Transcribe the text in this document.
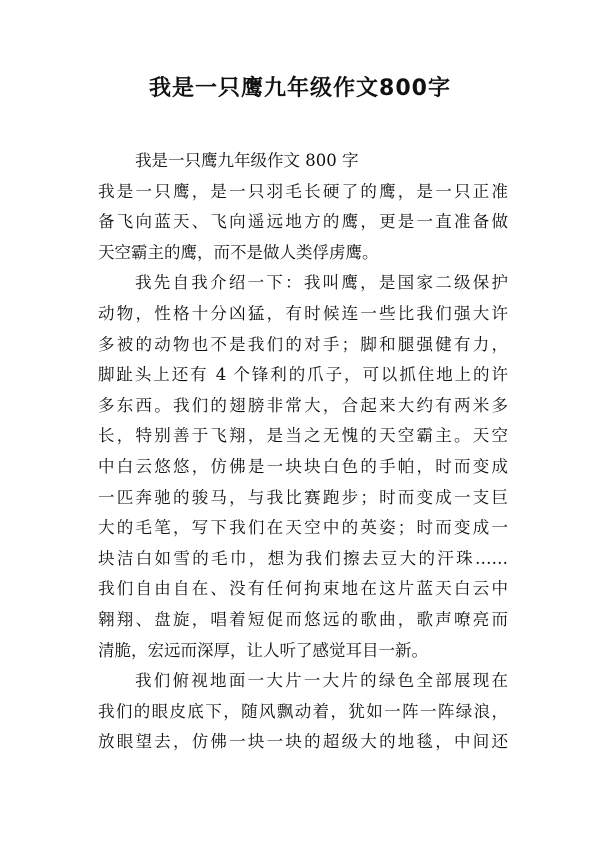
我是一只鹰九年级作文800字
我是一只鹰九年级作文 800 字
我是一只鹰，是一只羽毛长硬了的鹰，是一只正准
备飞向蓝天、飞向遥远地方的鹰，更是一直准备做
天空霸主的鹰，而不是做人类俘虏鹰。
我先自我介绍一下：我叫鹰，是国家二级保护
动物，性格十分凶猛，有时候连一些比我们强大许
多被的动物也不是我们的对手；脚和腿强健有力，
脚趾头上还有 4 个锋利的爪子，可以抓住地上的许
多东西。我们的翅膀非常大，合起来大约有两米多
长，特别善于飞翔，是当之无愧的天空霸主。天空
中白云悠悠，仿佛是一块块白色的手帕，时而变成
一匹奔驰的骏马，与我比赛跑步；时而变成一支巨
大的毛笔，写下我们在天空中的英姿；时而变成一
块洁白如雪的毛巾，想为我们擦去豆大的汗珠……
我们自由自在、没有任何拘束地在这片蓝天白云中
翱翔、盘旋，唱着短促而悠远的歌曲，歌声嘹亮而
清脆，宏远而深厚，让人听了感觉耳目一新。
我们俯视地面一大片一大片的绿色全部展现在
我们的眼皮底下，随风飘动着，犹如一阵一阵绿浪，
放眼望去，仿佛一块一块的超级大的地毯，中间还
